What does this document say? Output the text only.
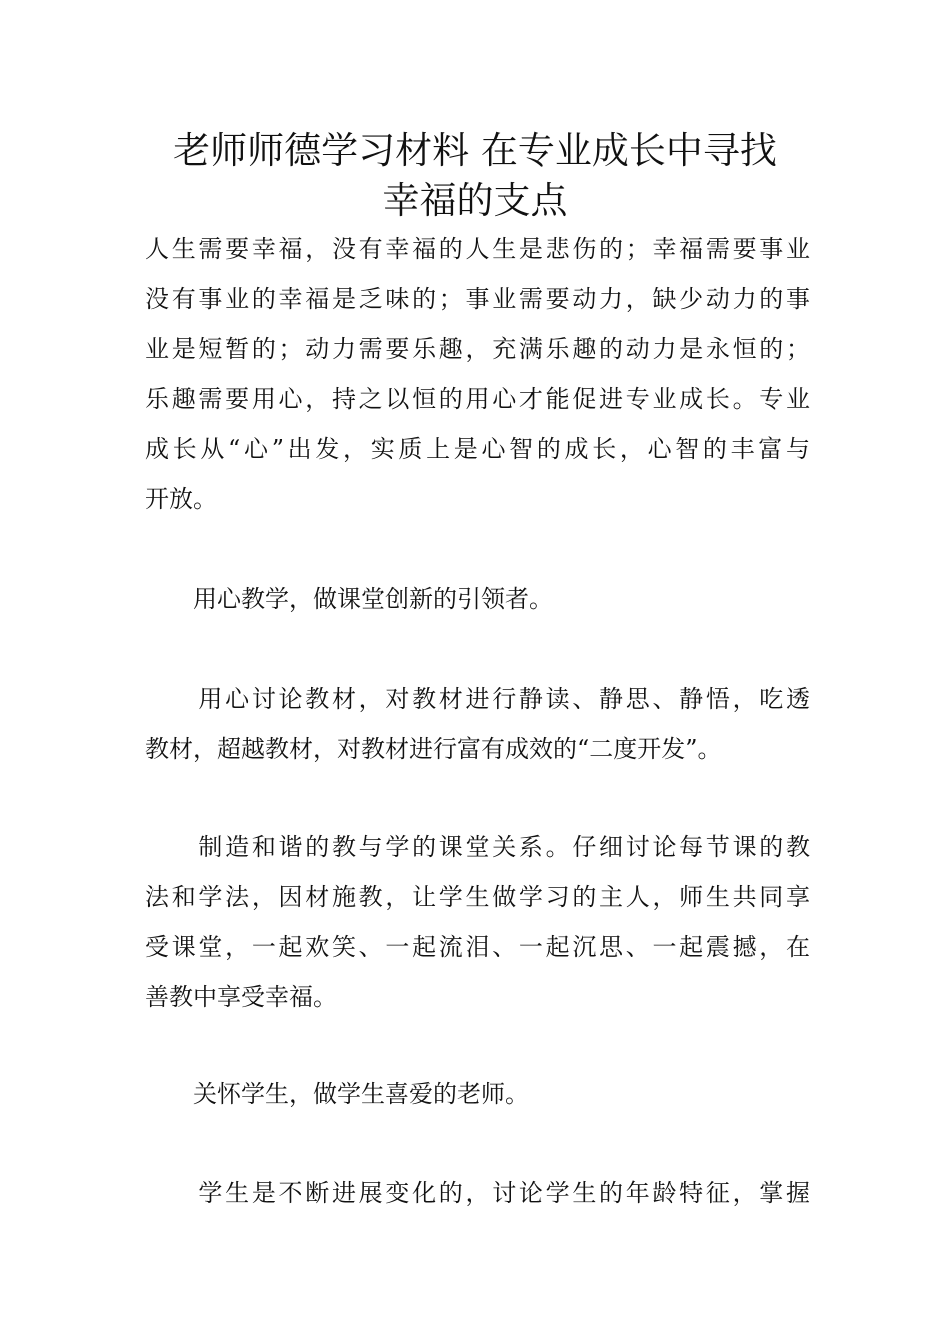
老师师德学习材料 在专业成长中寻找
幸福的支点
人生需要幸福，没有幸福的人生是悲伤的；幸福需要事业
没有事业的幸福是乏味的；事业需要动力，缺少动力的事
业是短暂的；动力需要乐趣，充满乐趣的动力是永恒的；
乐趣需要用心，持之以恒的用心才能促进专业成长。专业
成长从“心”出发，实质上是心智的成长，心智的丰富与
开放。
　　用心教学，做课堂创新的引领者。
　　用心讨论教材，对教材进行静读、静思、静悟，吃透
教材，超越教材，对教材进行富有成效的“二度开发”。
　　制造和谐的教与学的课堂关系。仔细讨论每节课的教
法和学法，因材施教，让学生做学习的主人，师生共同享
受课堂，一起欢笑、一起流泪、一起沉思、一起震撼，在
善教中享受幸福。
　　关怀学生，做学生喜爱的老师。
　　学生是不断进展变化的，讨论学生的年龄特征，掌握
